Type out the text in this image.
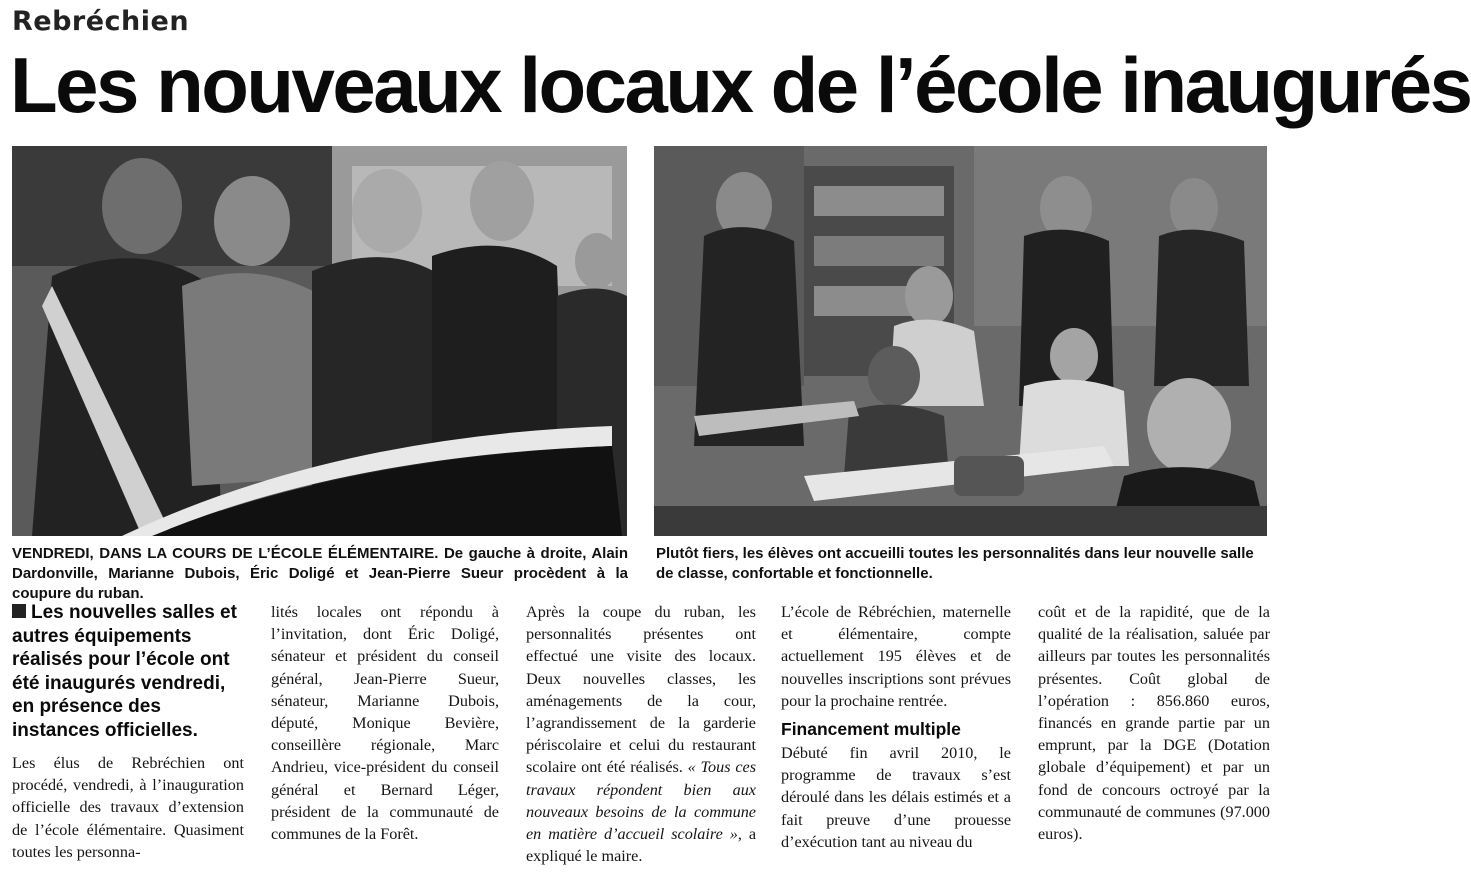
Rebréchien
Les nouveaux locaux de l’école inaugurés

VENDREDI, DANS LA COURS DE L’ÉCOLE ÉLÉMENTAIRE. De gauche à droite, Alain Dardonville, Marianne Dubois, Éric Doligé et Jean-Pierre Sueur procèdent à la coupure du ruban.

Plutôt fiers, les élèves ont accueilli toutes les personnalités dans leur nouvelle salle de classe, confortable et fonctionnelle.

Les nouvelles salles et autres équipements réalisés pour l’école ont été inaugurés vendredi, en présence des instances officielles.

Les élus de Rebréchien ont procédé, vendredi, à l’inauguration officielle des travaux d’extension de l’école élémentaire. Quasiment toutes les personna-

lités locales ont répondu à l’invitation, dont Éric Doligé, sénateur et président du conseil général, Jean-Pierre Sueur, sénateur, Marianne Dubois, député, Monique Bevière, conseillère régionale, Marc Andrieu, vice-président du conseil général et Bernard Léger, président de la communauté de communes de la Forêt.

Après la coupe du ruban, les personnalités présentes ont effectué une visite des locaux. Deux nouvelles classes, les aménagements de la cour, l’agrandissement de la garderie périscolaire et celui du restaurant scolaire ont été réalisés. « Tous ces travaux répondent bien aux nouveaux besoins de la commune en matière d’accueil scolaire », a expliqué le maire.

L’école de Rébréchien, maternelle et élémentaire, compte actuellement 195 élèves et de nouvelles inscriptions sont prévues pour la prochaine rentrée.

Financement multiple

Débuté fin avril 2010, le programme de travaux s’est déroulé dans les délais estimés et a fait preuve d’une prouesse d’exécution tant au niveau du

coût et de la rapidité, que de la qualité de la réalisation, saluée par ailleurs par toutes les personnalités présentes. Coût global de l’opération : 856.860 euros, financés en grande partie par un emprunt, par la DGE (Dotation globale d’équipement) et par un fond de concours octroyé par la communauté de communes (97.000 euros).
